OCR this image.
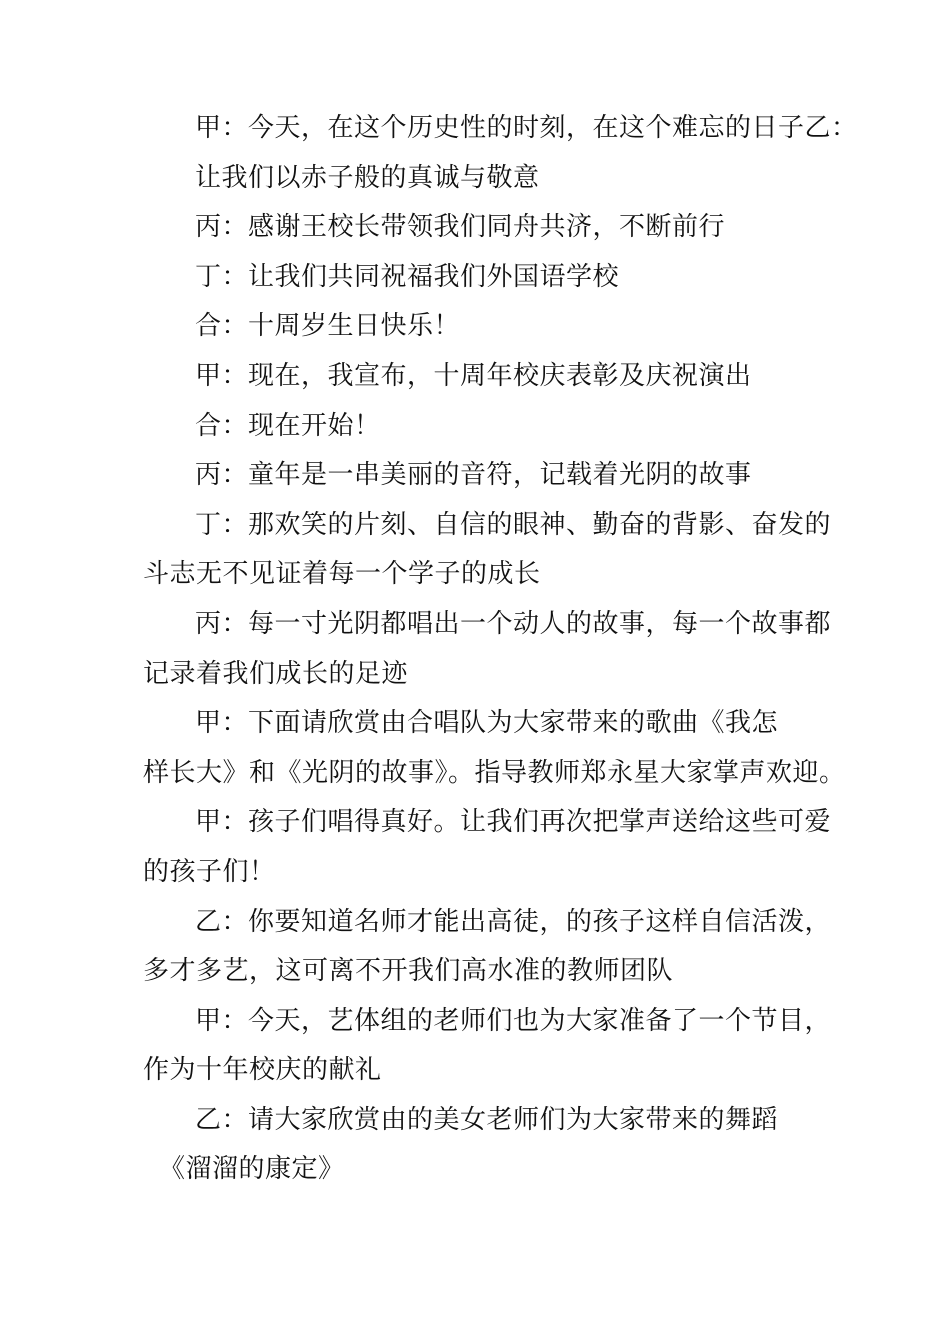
甲：今天，在这个历史性的时刻，在这个难忘的日子乙：
让我们以赤子般的真诚与敬意
丙：感谢王校长带领我们同舟共济，不断前行
丁：让我们共同祝福我们外国语学校
合：十周岁生日快乐！
甲：现在，我宣布，十周年校庆表彰及庆祝演出
合：现在开始！
丙：童年是一串美丽的音符，记载着光阴的故事
丁：那欢笑的片刻、自信的眼神、勤奋的背影、奋发的
斗志无不见证着每一个学子的成长
丙：每一寸光阴都唱出一个动人的故事，每一个故事都
记录着我们成长的足迹
甲：下面请欣赏由合唱队为大家带来的歌曲《我怎
样长大》和《光阴的故事》。指导教师郑永星大家掌声欢迎。
甲：孩子们唱得真好。让我们再次把掌声送给这些可爱
的孩子们！
乙：你要知道名师才能出高徒，的孩子这样自信活泼，
多才多艺，这可离不开我们高水准的教师团队
甲：今天，艺体组的老师们也为大家准备了一个节目，
作为十年校庆的献礼
乙：请大家欣赏由的美女老师们为大家带来的舞蹈
《溜溜的康定》
